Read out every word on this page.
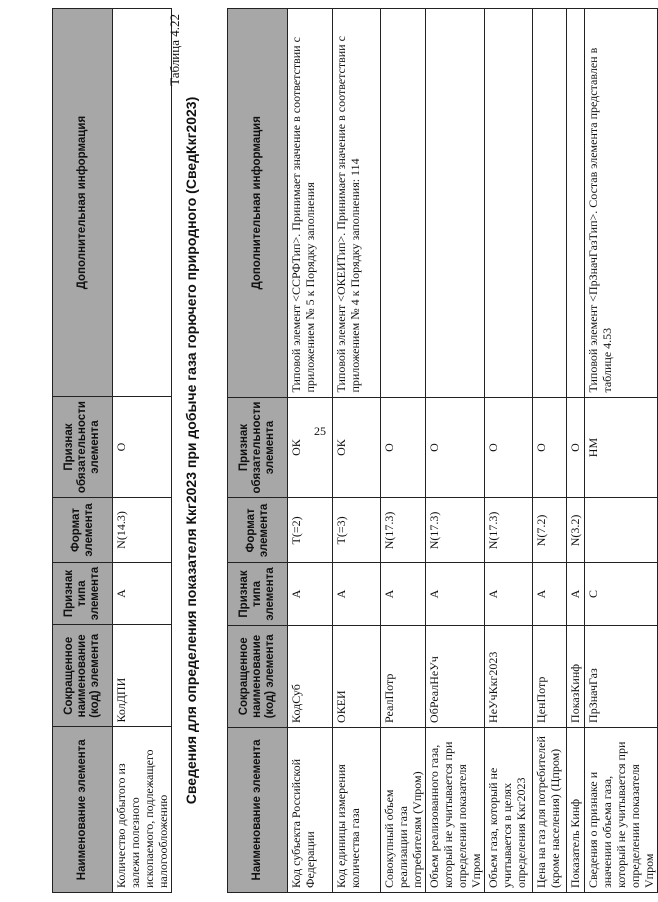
25
Наименование элемента	Сокращенное наименование (код) элемента	Признак типа элемента	Формат элемента	Признак обязательности элемента	Дополнительная информация
Количество добытого из залежи полезного ископаемого, подлежащего налогообложению	КолДПИ	А	N(14.3)	О	
Таблица 4.22
Сведения для определения показателя Ккг2023 при добыче газа горючего природного (СведКкг2023)
Наименование элемента	Сокращенное наименование (код) элемента	Признак типа элемента	Формат элемента	Признак обязательности элемента	Дополнительная информация
Код субъекта Российской Федерации	КодСуб	А	T(=2)	ОК	Типовой элемент <ССРФТип>. Принимает значение в соответствии с приложением № 5 к Порядку заполнения
Код единицы измерения количества газа	ОКЕИ	А	T(=3)	ОК	Типовой элемент <ОКЕИТип>. Принимает значение в соответствии с приложением № 4 к Порядку заполнения: 114
Совокупный объем реализации газа потребителям (Vпром)	РеалПотр	А	N(17.3)	О	
Объем реализованного газа, который не учитывается при определении показателя Vпром	ОбРеалНеУч	А	N(17.3)	О	
Объем газа, который не учитывается в целях определения Ккг2023	НеУчКкг2023	А	N(17.3)	О	
Цена на газ для потребителей (кроме населения) (Цпром)	ЦенПотр	А	N(7.2)	О	
Показатель Кинф	ПоказКинф	А	N(3.2)	О	
Сведения о признаке и значении объема газа, который не учитывается при определении показателя Vпром	ПрЗначГаз	С		НМ	Типовой элемент <ПрЗначГазТип>. Состав элемента представлен в таблице 4.53
